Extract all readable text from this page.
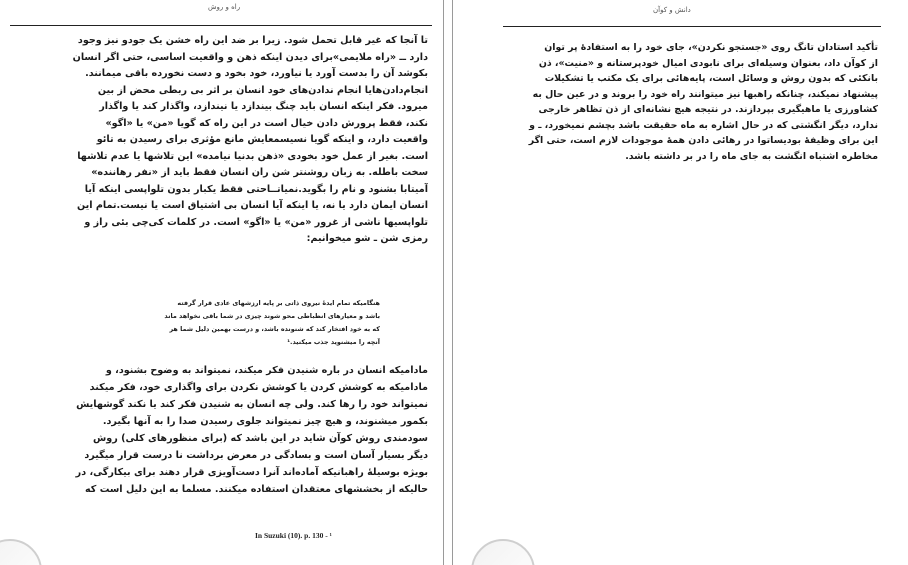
راه و روش
تا آنجا که غیر قابل تحمل شود. زیرا بر ضد این راه خشن یک جودو نیز وجود
دارد ــ «راه ملایمی»برای دیدن اینکه ذهن و واقعیت اساسی، حتی اگر انسان
بکوشد آن را بدست آورد یا نیاورد، خود بخود و دست نخورده باقی میمانند.
انجام‌دادن‌هایا انجام ندادن‌های خود انسان بر اثر بی ربطی محض از بین
میرود. فکر اینکه انسان باید چنگ بیندازد یا نیندازد، واگذار کند یا واگذار
نکند، فقط پرورش دادن خیال است در این راه که گویا «من» یا «اگو»
واقعیت دارد، و اینکه گویا نسیسمعایش مانع مؤثری برای رسیدن به تائو
است. بغیر از عمل خود بخودی «ذهن بدنیا نیامده» این تلاشها یا عدم تلاشها
سخت باطله. به زبان روشنتر شن ران انسان فقط باید از «نفر رهاننده»
آمیتابا بشنود و نام را بگوید.نمیاتــاحتی فقط یکبار بدون تلواپسی اینکه آیا
انسان ایمان دارد یا نه، یا اینکه آیا انسان بی اشتیاق است یا نیست.تمام این
تلواپسیها ناشی از غرور «من» یا «اگو» است. در کلمات کی‌چی بئی راز و
رمزی شن ـ شو میخوانیم:
هنگامیکه تمام ایدهٔ نیروی ذاتی بر پایه ارزشهای عادی قرار گرفته
باشد و معیارهای انظباطی محو شوند چیزی در شما باقی نخواهد ماند
که به خود افتخار کند که شنونده باشد، و درست بهمین دلیل شما هر
آنچه را میشنوید جذب میکنید.¹
مادامیکه انسان در باره شنیدن فکر میکند، نمیتواند به وضوح بشنود، و
مادامیکه به کوشش کردن یا کوشش نکردن برای واگذاری خود، فکر میکند
نمیتواند خود را رها کند. ولی چه انسان به شنیدن فکر کند یا نکند گوشهایش
بکمور میشنوند، و هیچ چیز نمیتواند جلوی رسیدن صدا را به آنها بگیرد.
سودمندی روش کوآن شاید در این باشد که (برای منظورهای کلی) روش
دیگر بسیار آسان است و بسادگی در معرض برداشت نا درست قرار میگیرد
بویژه بوسیلهٔ راهبانیکه آماده‌اند آنرا دست‌آویزی قرار دهند برای بیکارگی، در
حالیکه از بخششهای معتقدان استفاده میکنند. مسلما به این دلیل است که
In Suzuki (10). p. 130 - ¹
دانش و کوآن
تأکید استادان تانگ روی «جستجو نکردن»، جای خود را به استفادهٔ پر توان
از کوآن داد، بعنوان وسیله‌ای برای نابودی امیال خودپرستانه و «منیت»، ذن
بانکئی که بدون روش و وسائل است، پایه‌هائی برای یک مکتب یا تشکیلات
پیشنهاد نمیکند، چنانکه راهبها نیز میتوانند راه خود را بروند و در عین حال به
کشاورزی یا ماهیگیری بپردازند. در نتیجه هیچ نشانه‌ای از ذن تظاهر خارجی
ندارد، دیگر انگشتی که در حال اشاره به ماه حقیقت باشد بچشم نمیخورد، ـ و
این برای وظیفهٔ بودیساتوا در رهائی دادن همهٔ موجودات لازم است، حتی اگر
مخاطره اشتباه انگشت به جای ماه را در بر داشته باشد.
